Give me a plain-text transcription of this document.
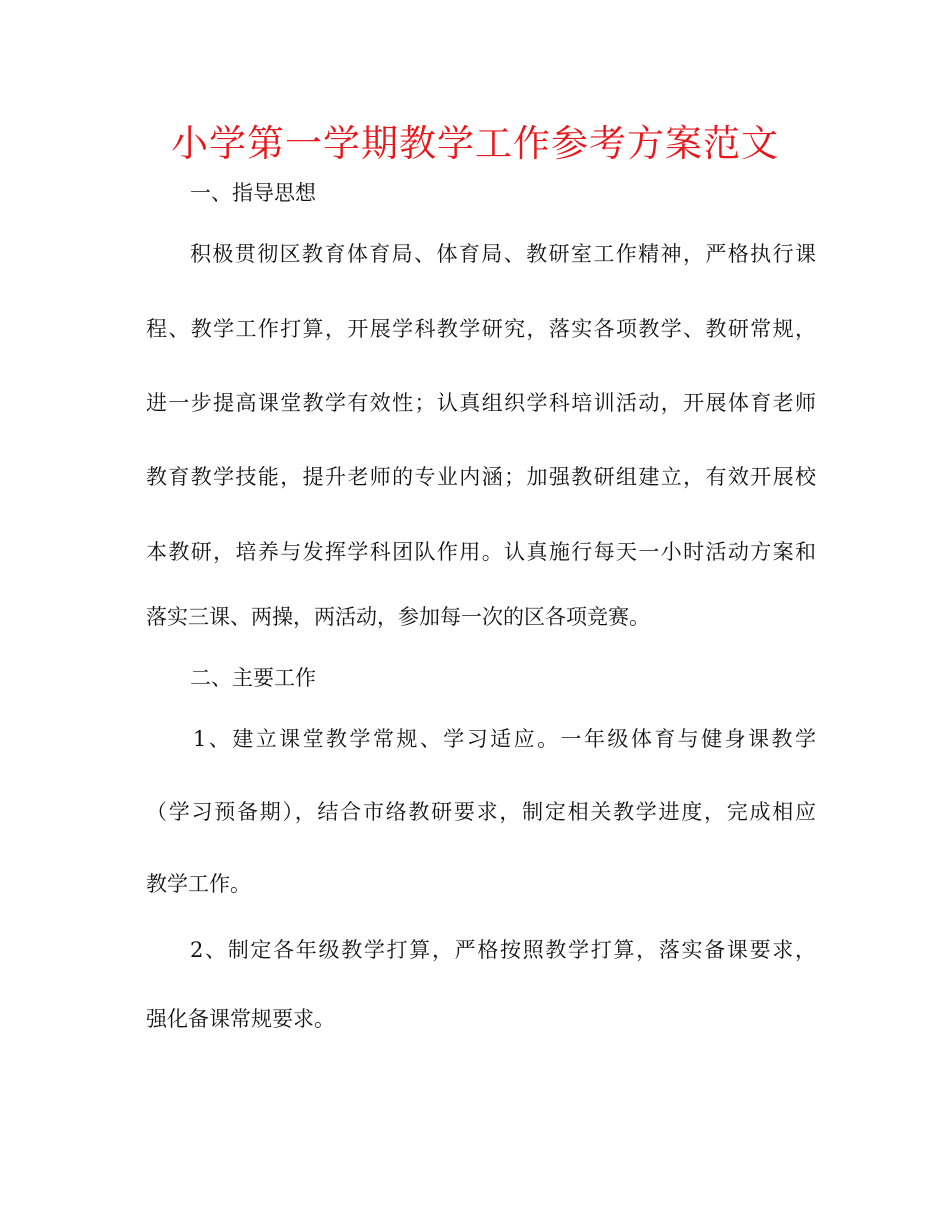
小学第一学期教学工作参考方案范文

一、指导思想

积极贯彻区教育体育局、体育局、教研室工作精神，严格执行课

程、教学工作打算，开展学科教学研究，落实各项教学、教研常规，

进一步提高课堂教学有效性；认真组织学科培训活动，开展体育老师

教育教学技能，提升老师的专业内涵；加强教研组建立，有效开展校

本教研，培养与发挥学科团队作用。认真施行每天一小时活动方案和

落实三课、两操，两活动，参加每一次的区各项竞赛。

二、主要工作

1、建立课堂教学常规、学习适应。一年级体育与健身课教学

（学习预备期），结合市络教研要求，制定相关教学进度，完成相应

教学工作。

2、制定各年级教学打算，严格按照教学打算，落实备课要求，

强化备课常规要求。
